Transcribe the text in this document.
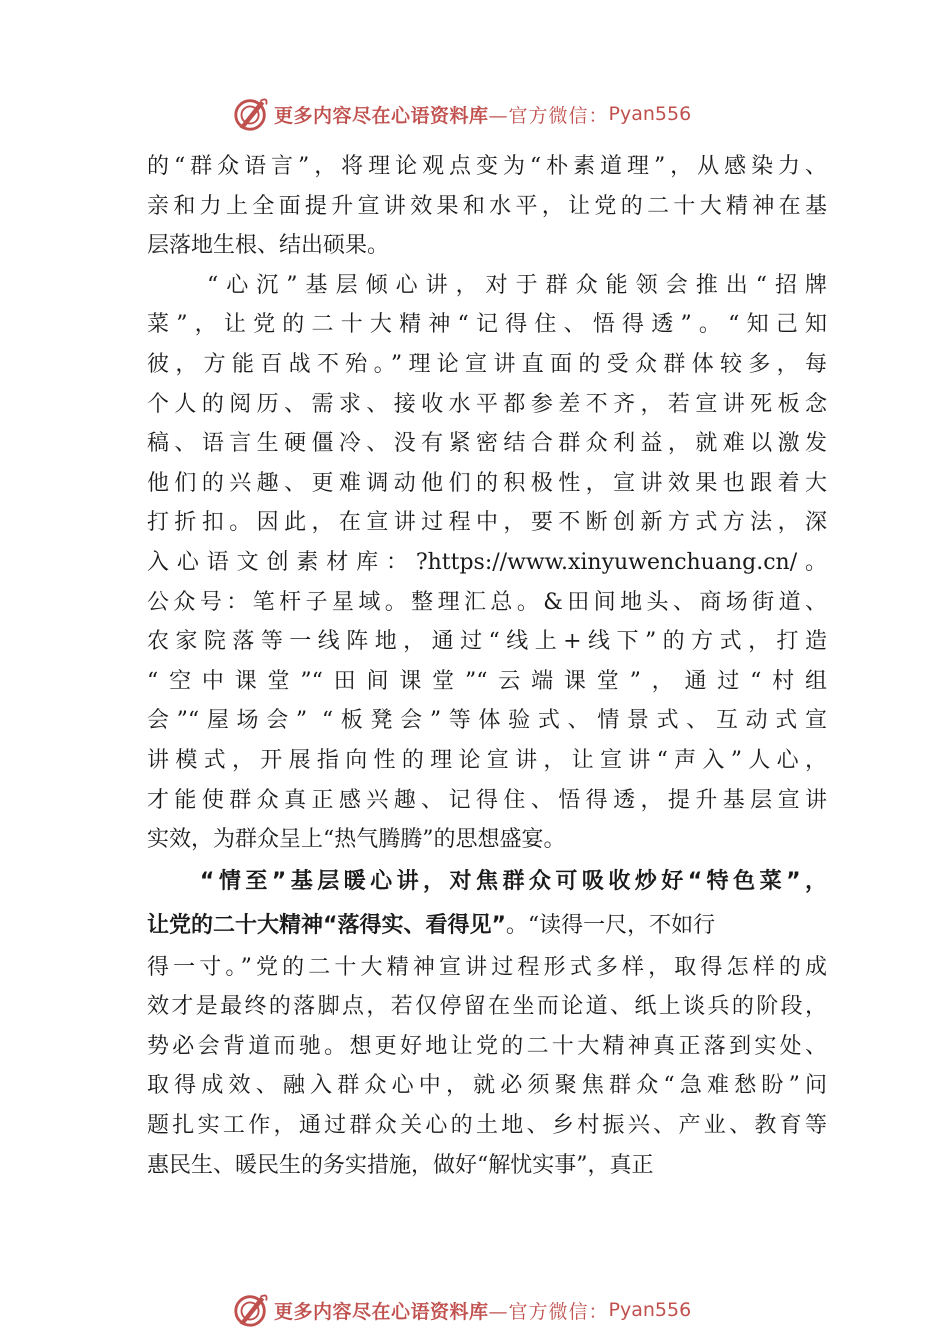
更多内容尽在心语资料库 —官方微信： Pyan556
的“群众语言”，将理论观点变为“朴素道理”，从感染力、
亲和力上全面提升宣讲效果和水平，让党的二十大精神在基
层落地生根、结出硕果。
　　“心沉”基层倾心讲，对于群众能领会推出“招牌
菜”，让党的二十大精神“记得住、悟得透”。“知己知
彼，方能百战不殆。”理论宣讲直面的受众群体较多，每
个人的阅历、需求、接收水平都参差不齐，若宣讲死板念
稿、语言生硬僵冷、没有紧密结合群众利益，就难以激发
他们的兴趣、更难调动他们的积极性，宣讲效果也跟着大
打折扣。因此，在宣讲过程中，要不断创新方式方法，深
入心语文创素材库：?https://www.xinyuwenchuang.cn/。
公众号：笔杆子星域。整理汇总。&田间地头、商场街道、
农家院落等一线阵地，通过“线上+线下”的方式，打造
“空中课堂”“田间课堂”“云端课堂”，通过“村组
会”“屋场会” “板凳会”等体验式、情景式、互动式宣
讲模式，开展指向性的理论宣讲，让宣讲“声入”人心，
才能使群众真正感兴趣、记得住、悟得透，提升基层宣讲
实效，为群众呈上“热气腾腾”的思想盛宴。
　　“情至”基层暖心讲，对焦群众可吸收炒好“特色菜”，
让党的二十大精神“落得实、看得见”。“读得一尺，不如行
得一寸。”党的二十大精神宣讲过程形式多样，取得怎样的成
效才是最终的落脚点，若仅停留在坐而论道、纸上谈兵的阶段，
势必会背道而驰。想更好地让党的二十大精神真正落到实处、
取得成效、融入群众心中，就必须聚焦群众“急难愁盼”问
题扎实工作，通过群众关心的土地、乡村振兴、产业、教育等
惠民生、暖民生的务实措施，做好“解忧实事”，真正
更多内容尽在心语资料库 —官方微信： Pyan556
